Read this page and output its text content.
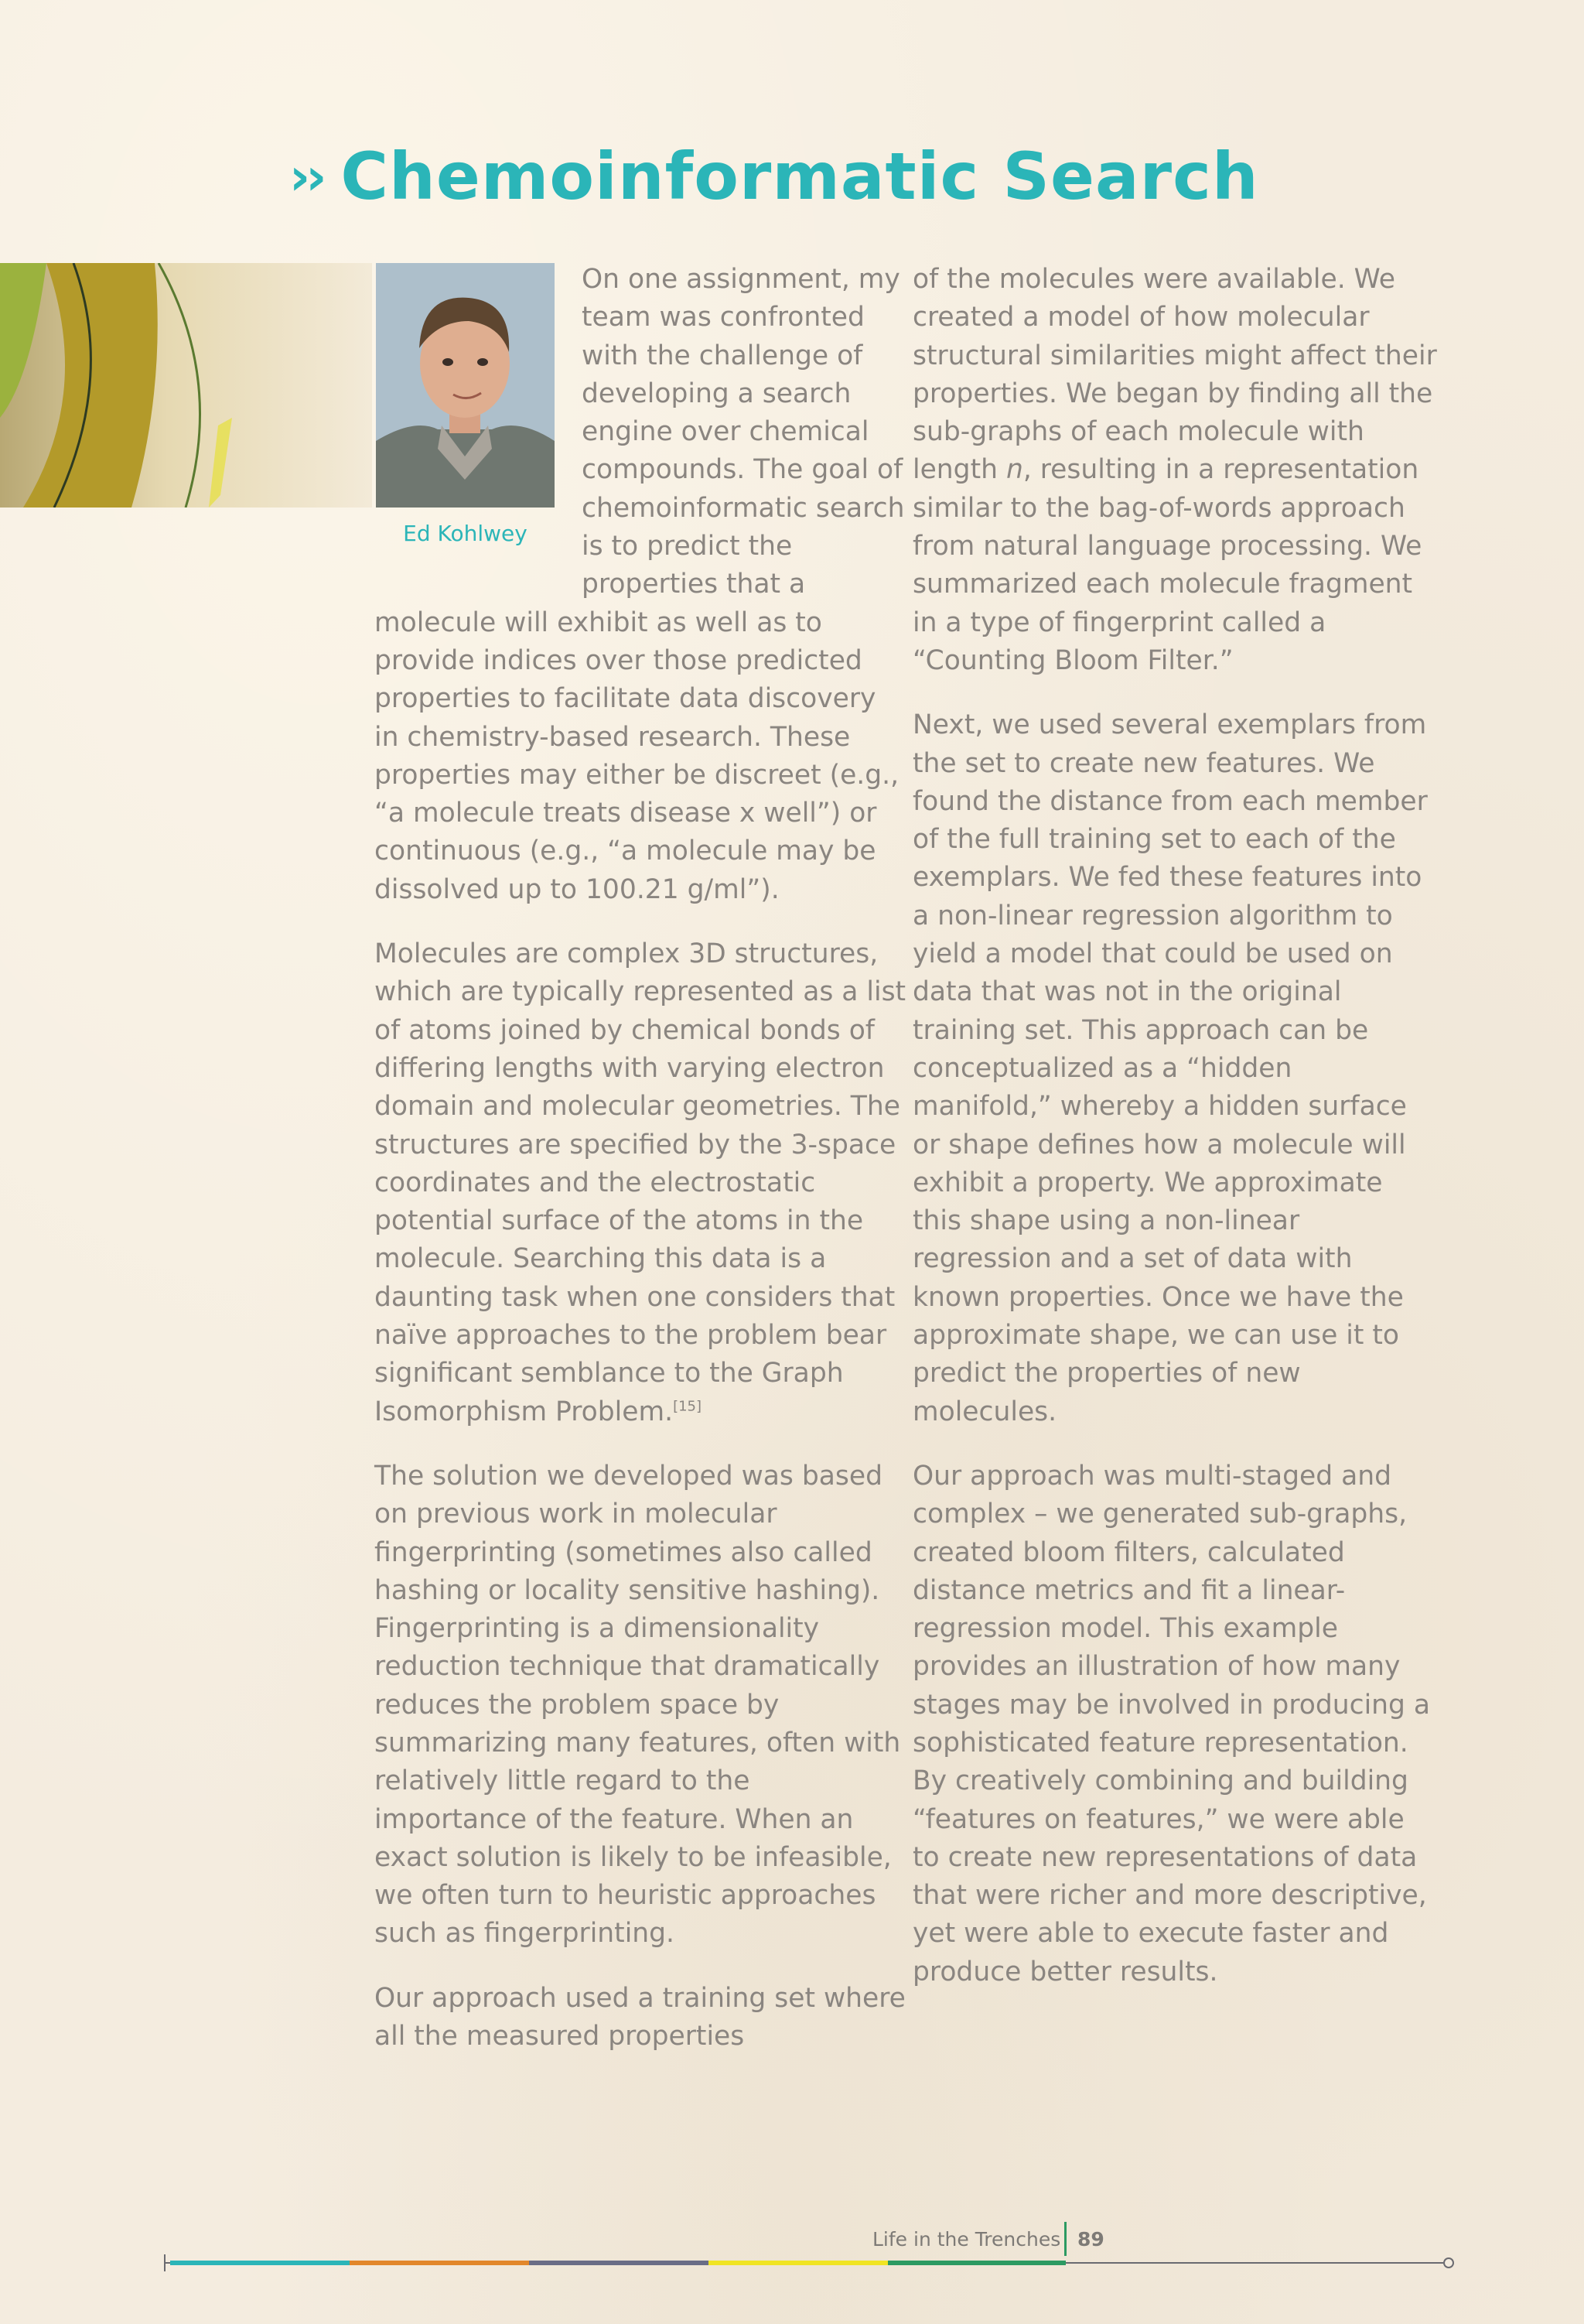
›› Chemoinformatic Search
Ed Kohlwey

On one assignment, my team was confronted with the challenge of developing a search engine over chemical compounds. The goal of chemoinformatic search is to predict the properties that a molecule will exhibit as well as to provide indices over those predicted properties to facilitate data discovery in chemistry-based research. These properties may either be discreet (e.g., “a molecule treats disease x well”) or continuous (e.g., “a molecule may be dissolved up to 100.21 g/ml”).

Molecules are complex 3D structures, which are typically represented as a list of atoms joined by chemical bonds of differing lengths with varying electron domain and molecular geometries. The structures are specified by the 3-space coordinates and the electrostatic potential surface of the atoms in the molecule. Searching this data is a daunting task when one considers that naïve approaches to the problem bear significant semblance to the Graph Isomorphism Problem.[15]

The solution we developed was based on previous work in molecular fingerprinting (sometimes also called hashing or locality sensitive hashing). Fingerprinting is a dimensionality reduction technique that dramatically reduces the problem space by summarizing many features, often with relatively little regard to the importance of the feature. When an exact solution is likely to be infeasible, we often turn to heuristic approaches such as fingerprinting.

Our approach used a training set where all the measured properties

of the molecules were available. We created a model of how molecular structural similarities might affect their properties. We began by finding all the sub-graphs of each molecule with length n, resulting in a representation similar to the bag-of-words approach from natural language processing. We summarized each molecule fragment in a type of fingerprint called a “Counting Bloom Filter.”

Next, we used several exemplars from the set to create new features. We found the distance from each member of the full training set to each of the exemplars. We fed these features into a non-linear regression algorithm to yield a model that could be used on data that was not in the original training set. This approach can be conceptualized as a “hidden manifold,” whereby a hidden surface or shape defines how a molecule will exhibit a property. We approximate this shape using a non-linear regression and a set of data with known properties. Once we have the approximate shape, we can use it to predict the properties of new molecules.

Our approach was multi-staged and complex – we generated sub-graphs, created bloom filters, calculated distance metrics and fit a linear-regression model. This example provides an illustration of how many stages may be involved in producing a sophisticated feature representation. By creatively combining and building “features on features,” we were able to create new representations of data that were richer and more descriptive, yet were able to execute faster and produce better results.

Life in the Trenches 89
